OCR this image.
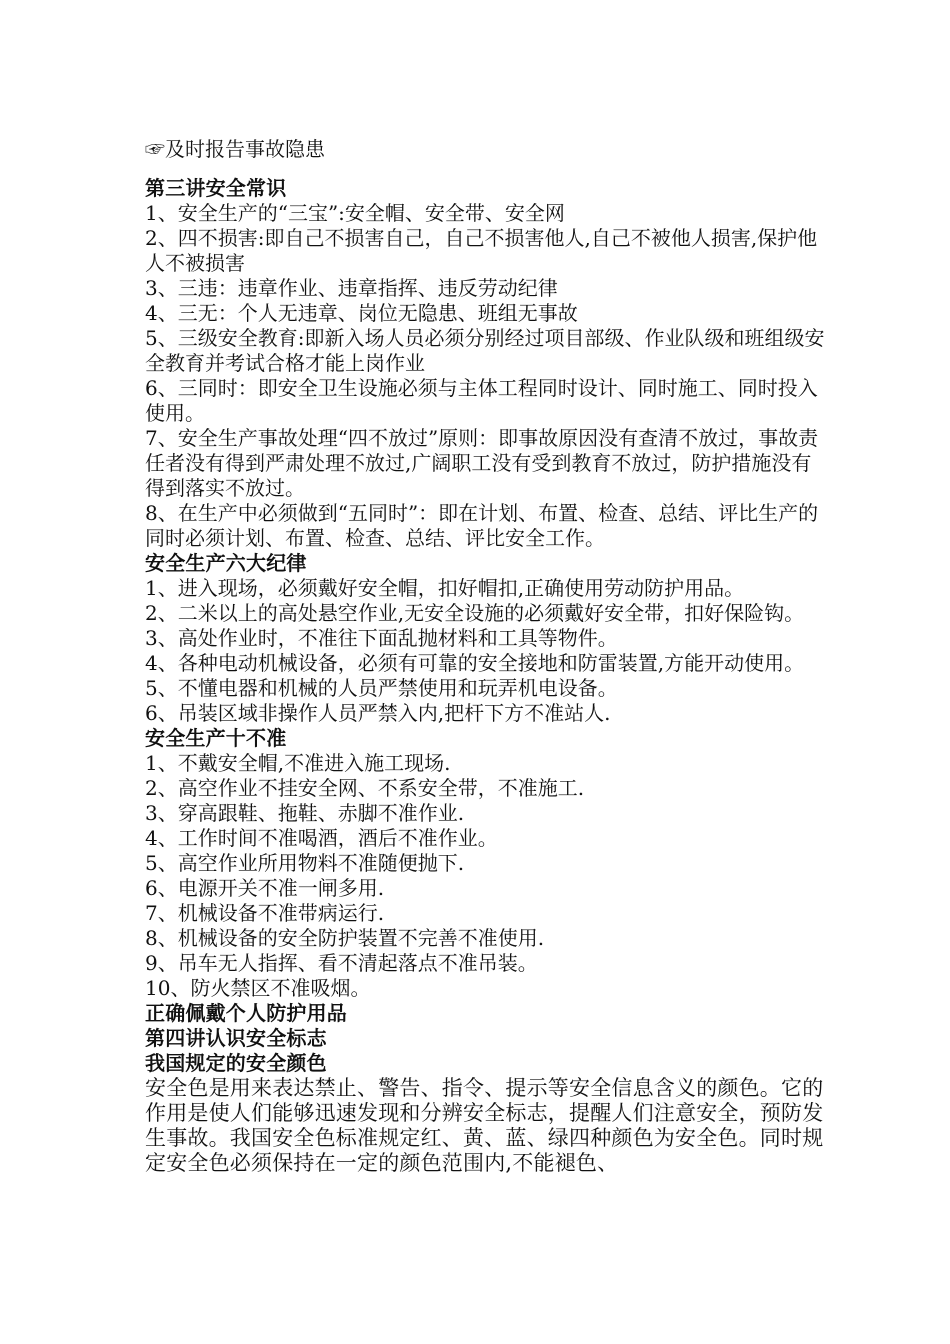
☞及时报告事故隐患
第三讲安全常识
1、安全生产的“三宝”:安全帽、安全带、安全网
2、四不损害:即自己不损害自己，自己不损害他人,自己不被他人损害,保护他人不被损害
3、三违：违章作业、违章指挥、违反劳动纪律
4、三无：个人无违章、岗位无隐患、班组无事故
5、三级安全教育:即新入场人员必须分别经过项目部级、作业队级和班组级安全教育并考试合格才能上岗作业
6、三同时：即安全卫生设施必须与主体工程同时设计、同时施工、同时投入使用。
7、安全生产事故处理“四不放过”原则：即事故原因没有查清不放过，事故责任者没有得到严肃处理不放过,广阔职工没有受到教育不放过，防护措施没有得到落实不放过。
8、在生产中必须做到“五同时”：即在计划、布置、检查、总结、评比生产的同时必须计划、布置、检查、总结、评比安全工作。
安全生产六大纪律
1、进入现场，必须戴好安全帽，扣好帽扣,正确使用劳动防护用品。
2、二米以上的高处悬空作业,无安全设施的必须戴好安全带，扣好保险钩。
3、高处作业时，不准往下面乱抛材料和工具等物件。
4、各种电动机械设备，必须有可靠的安全接地和防雷装置,方能开动使用。
5、不懂电器和机械的人员严禁使用和玩弄机电设备。
6、吊装区域非操作人员严禁入内,把杆下方不准站人.
安全生产十不准
1、不戴安全帽,不准进入施工现场.
2、高空作业不挂安全网、不系安全带，不准施工.
3、穿高跟鞋、拖鞋、赤脚不准作业.
4、工作时间不准喝酒，酒后不准作业。
5、高空作业所用物料不准随便抛下.
6、电源开关不准一闸多用.
7、机械设备不准带病运行.
8、机械设备的安全防护装置不完善不准使用.
9、吊车无人指挥、看不清起落点不准吊装。
10、防火禁区不准吸烟。
正确佩戴个人防护用品
第四讲认识安全标志
我国规定的安全颜色
安全色是用来表达禁止、警告、指令、提示等安全信息含义的颜色。它的作用是使人们能够迅速发现和分辨安全标志，提醒人们注意安全，预防发生事故。我国安全色标准规定红、黄、蓝、绿四种颜色为安全色。同时规定安全色必须保持在一定的颜色范围内,不能褪色、
